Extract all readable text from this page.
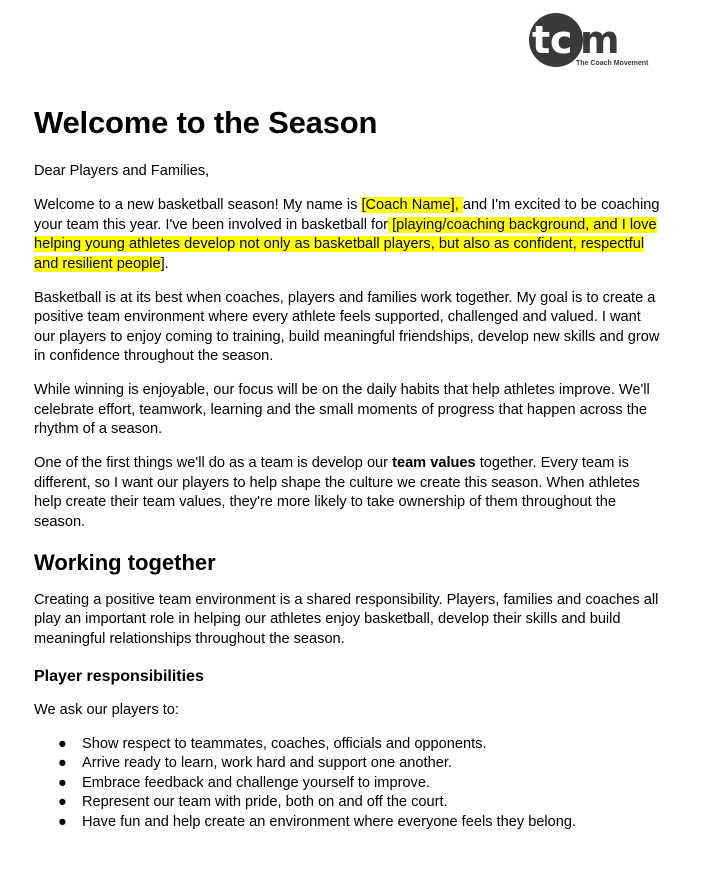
t c m
The Coach Movement
Welcome to the Season

Dear Players and Families,

Welcome to a new basketball season! My name is [Coach Name], and I'm excited to be coaching your team this year. I've been involved in basketball for [playing/coaching background, and I love helping young athletes develop not only as basketball players, but also as confident, respectful and resilient people].

Basketball is at its best when coaches, players and families work together. My goal is to create a positive team environment where every athlete feels supported, challenged and valued. I want our players to enjoy coming to training, build meaningful friendships, develop new skills and grow in confidence throughout the season.

While winning is enjoyable, our focus will be on the daily habits that help athletes improve. We'll celebrate effort, teamwork, learning and the small moments of progress that happen across the rhythm of a season.

One of the first things we'll do as a team is develop our team values together. Every team is different, so I want our players to help shape the culture we create this season. When athletes help create their team values, they're more likely to take ownership of them throughout the season.

Working together

Creating a positive team environment is a shared responsibility. Players, families and coaches all play an important role in helping our athletes enjoy basketball, develop their skills and build meaningful relationships throughout the season.

Player responsibilities

We ask our players to:

● Show respect to teammates, coaches, officials and opponents.
● Arrive ready to learn, work hard and support one another.
● Embrace feedback and challenge yourself to improve.
● Represent our team with pride, both on and off the court.
● Have fun and help create an environment where everyone feels they belong.
